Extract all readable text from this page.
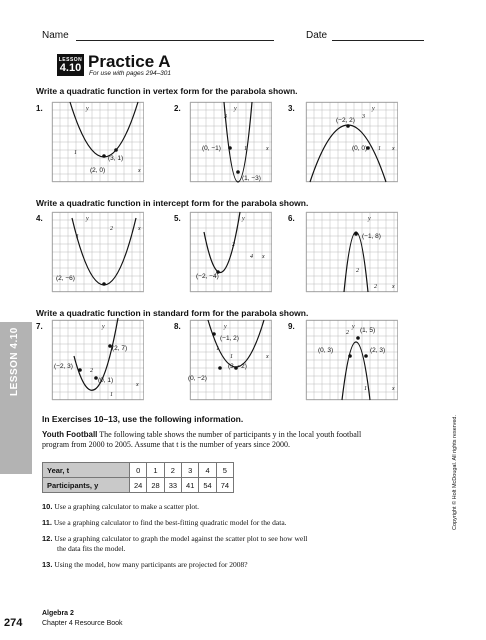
Name	Date
LESSON
4.10 Practice A
For use with pages 294–301
Write a quadratic function in vertex form for the parabola shown.
Write a quadratic function in intercept form for the parabola shown.
Write a quadratic function in standard form for the parabola shown.
1.	2.	3.
4.	5.	6.
7.	8.	9.
(3, 1)
(2, 0)
y
1
x
(0, −1)
(1, −3)
y
3
1	x
(−2, 2)
(0, 0)
y
3
1 x
(2, −6)
y
1
2	x
(−2, −4)
y
2
4 x
(−1, 8)
y
2
2	x
(2, 7)
(−2, 3)
(0, 1)
y
2
1
x
(−1, 2)
(3, −2)
(0, −2)
y
1
1	x
(1, 5)
(0, 3)	(2, 3)
y
2
1	x
In Exercises 10–13, use the following information.
Youth Football The following table shows the number of participants y in the local youth football program from 2000 to 2005. Assume that t is the number of years since 2000.
Year, t	0	1	2	3	4	5
Participants, y	24	28	33	41	54	74
10. Use a graphing calculator to make a scatter plot.
11. Use a graphing calculator to find the best-fitting quadratic model for the data.
12. Use a graphing calculator to graph the model against the scatter plot to see how well
the data fits the model.
13. Using the model, how many participants are projected for 2008?
LESSON 4.10
Copyright © Holt McDougal. All rights reserved.
274
Algebra 2
Chapter 4 Resource Book
